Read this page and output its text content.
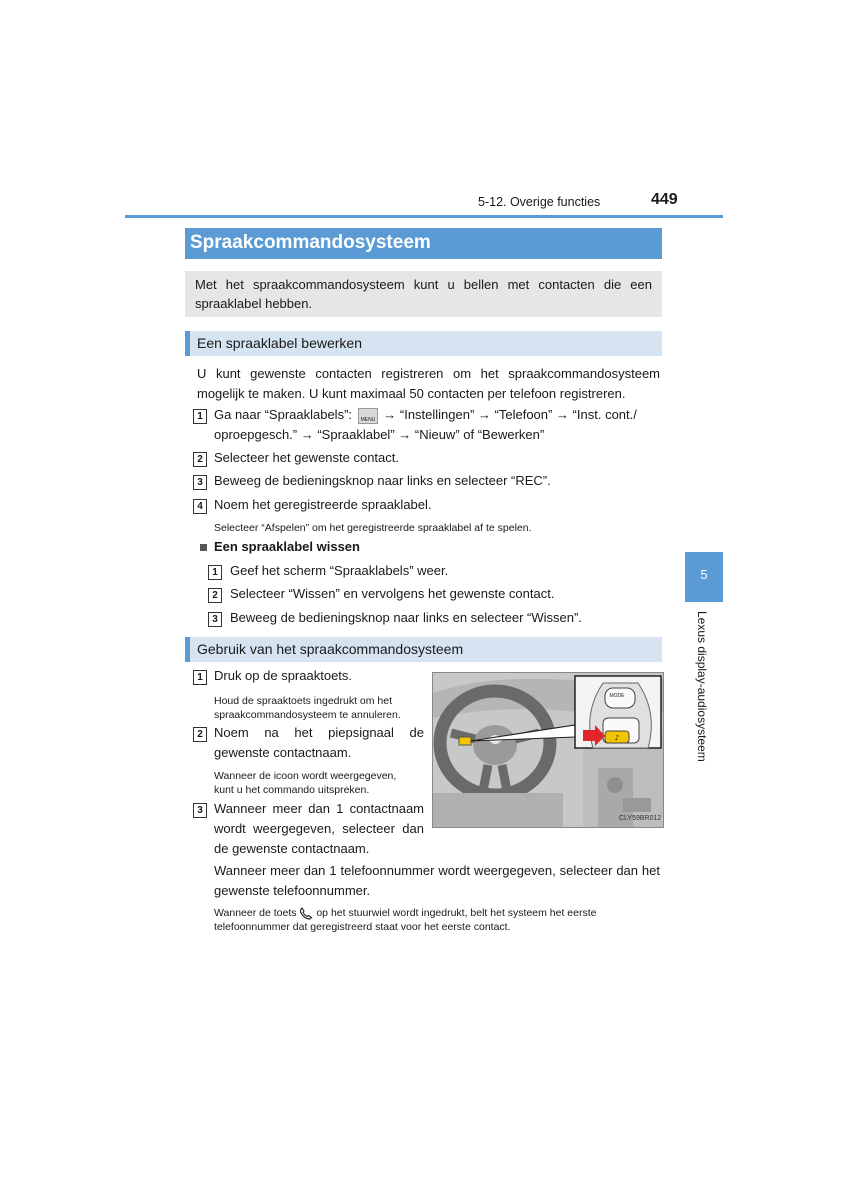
5-12. Overige functies	449
5
Lexus display-audiosysteem
Spraakcommandosysteem
Met het spraakcommandosysteem kunt u bellen met contacten die een spraaklabel hebben.
Een spraaklabel bewerken
U kunt gewenste contacten registreren om het spraakcommandosysteem mogelijk te maken. U kunt maximaal 50 contacten per telefoon registreren.
1 Ga naar “Spraaklabels”: MENU → “Instellingen” → “Telefoon” → “Inst. cont./
oproepgesch.” → “Spraaklabel” → “Nieuw” of “Bewerken”
2 Selecteer het gewenste contact.
3 Beweeg de bedieningsknop naar links en selecteer “REC”.
4 Noem het geregistreerde spraaklabel.
Selecteer “Afspelen” om het geregistreerde spraaklabel af te spelen.
Een spraaklabel wissen
1 Geef het scherm “Spraaklabels” weer.
2 Selecteer “Wissen” en vervolgens het gewenste contact.
3 Beweeg de bedieningsknop naar links en selecteer “Wissen”.
Gebruik van het spraakcommandosysteem
1 Druk op de spraaktoets.
Houd de spraaktoets ingedrukt om het
spraakcommandosysteem te annuleren.
2 Noem na het piepsignaal de
gewenste contactnaam.
Wanneer de icoon wordt weergegeven,
kunt u het commando uitspreken.
3 Wanneer meer dan 1 contactnaam
wordt weergegeven, selecteer dan
de gewenste contactnaam.
♪
MODE
CLY59BR012
Wanneer meer dan 1 telefoonnummer wordt weergegeven, selecteer dan het gewenste telefoonnummer.
Wanneer de toets op het stuurwiel wordt ingedrukt, belt het systeem het eerste
telefoonnummer dat geregistreerd staat voor het eerste contact.
